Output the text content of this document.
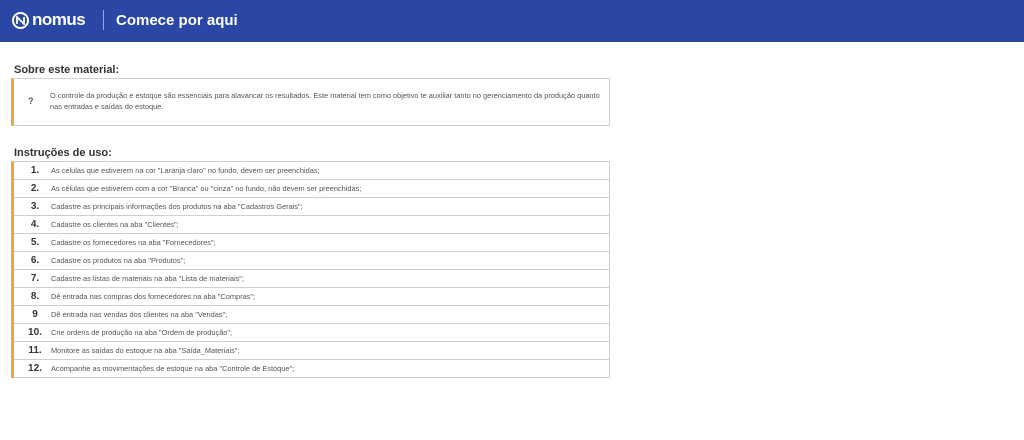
nomus Comece por aqui
Sobre este material:
?
O controle da produção e estoque são essenciais para alavancar os resultados. Este material tem como objetivo te auxiliar tanto no gerenciamento da produção quanto nas entradas e saídas do estoque.
Instruções de uso:
1.	As celulas que estiverem na cor "Laranja claro" no fundo, devem ser preenchidas;
2.	As células que estiverem com a cor "Branca" ou "cinza" no fundo, não devem ser preenchidas;
3.	Cadastre as principais informações dos produtos na aba "Cadastros Gerais";
4.	Cadastre os clientes na aba "Clientes";
5.	Cadastre os fornecedores na aba "Fornecedores";
6.	Cadastre os produtos na aba "Produtos";
7.	Cadastre as listas de materiais na aba "Lista de materiais";
8.	Dê entrada nas compras dos fornecedores na aba "Compras";
9	Dê entrada nas vendas dos clientes na aba "Vendas";
10.	Crie ordens de produção na aba "Ordem de produção";
11.	Monitore as saídas do estoque na aba "Saída_Materiais";
12.	Acompanhe as movimentações de estoque na aba "Controle de Estoque";
